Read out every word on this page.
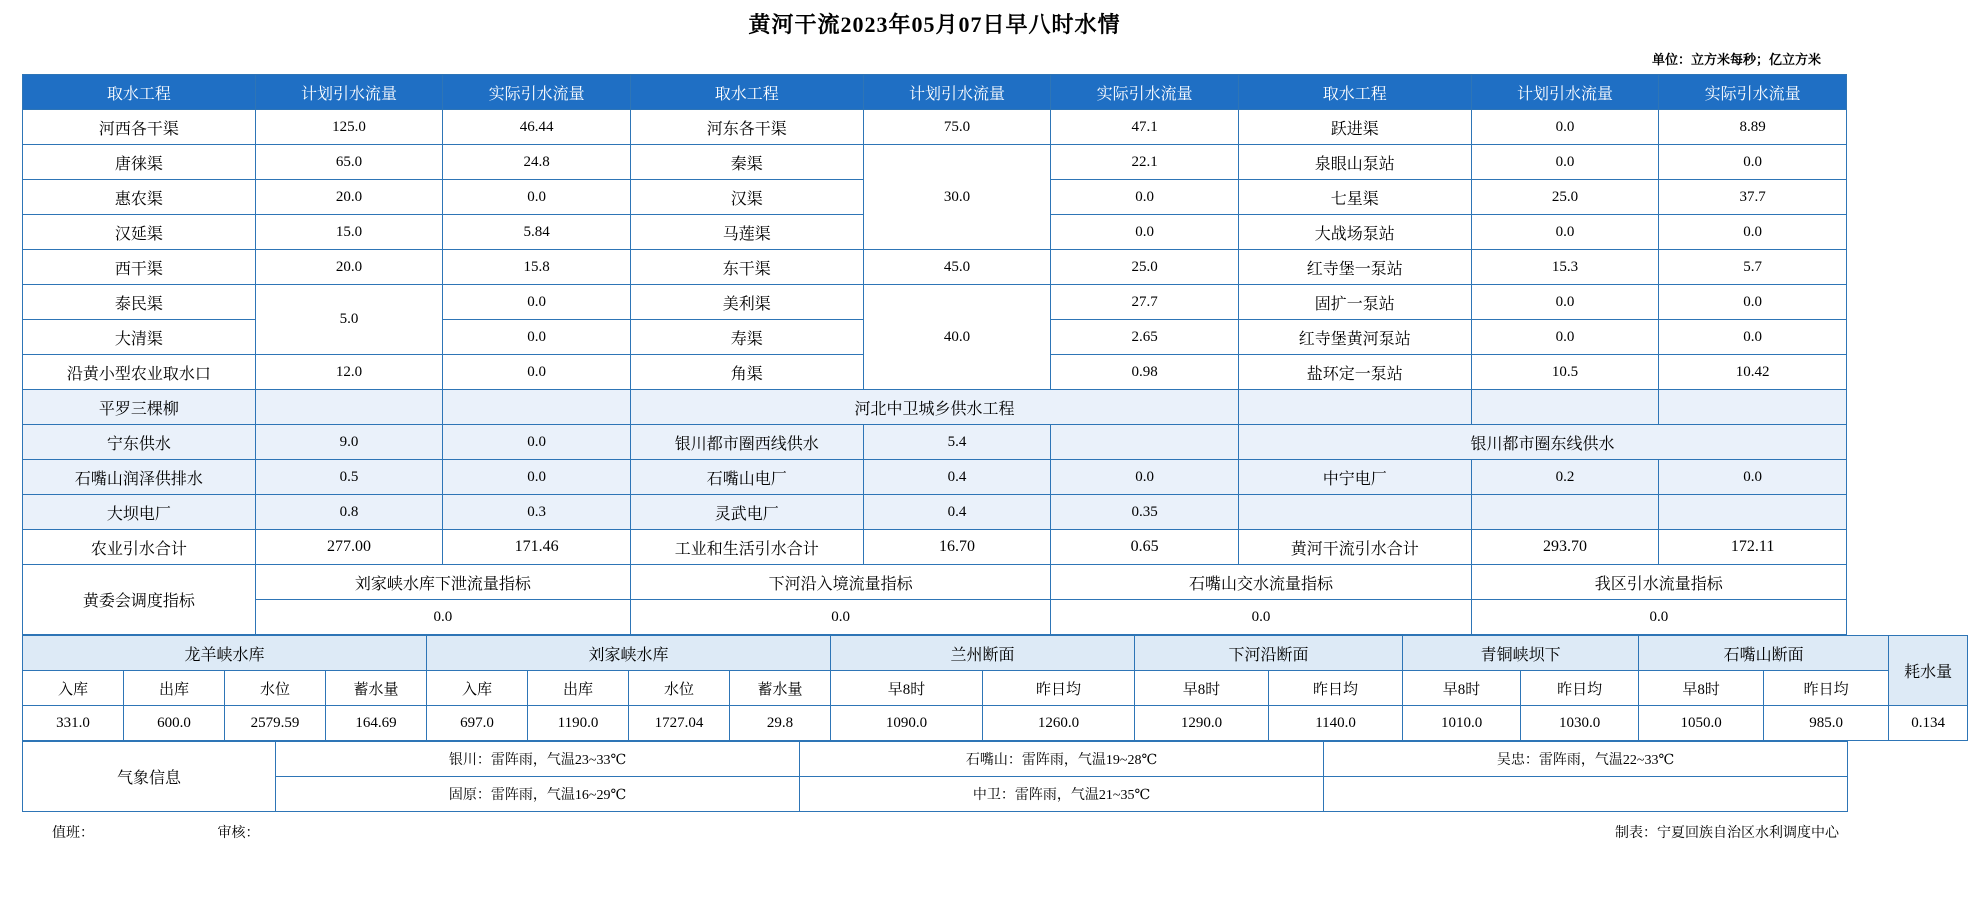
黄河干流2023年05月07日早八时水情
单位：立方米每秒；亿立方米
取水工程	计划引水流量	实际引水流量	取水工程	计划引水流量	实际引水流量	取水工程	计划引水流量	实际引水流量
河西各干渠	125.0	46.44	河东各干渠	75.0	47.1	跃进渠	0.0	8.89
唐徕渠	65.0	24.8	秦渠	30.0	22.1	泉眼山泵站	0.0	0.0
惠农渠	20.0	0.0	汉渠		0.0	七星渠	25.0	37.7
汉延渠	15.0	5.84	马莲渠		0.0	大战场泵站	0.0	0.0
西干渠	20.0	15.8	东干渠	45.0	25.0	红寺堡一泵站	15.3	5.7
泰民渠	5.0	0.0	美利渠	40.0	27.7	固扩一泵站	0.0	0.0
大清渠		0.0	寿渠		2.65	红寺堡黄河泵站	0.0	0.0
沿黄小型农业取水口	12.0	0.0	角渠		0.98	盐环定一泵站	10.5	10.42
平罗三棵柳			河北中卫城乡供水工程					
宁东供水	9.0	0.0	银川都市圈西线供水	5.4		银川都市圈东线供水		
石嘴山润泽供排水	0.5	0.0	石嘴山电厂	0.4	0.0	中宁电厂	0.2	0.0
大坝电厂	0.8	0.3	灵武电厂	0.4	0.35			
农业引水合计	277.00	171.46	工业和生活引水合计	16.70	0.65	黄河干流引水合计	293.70	172.11
黄委会调度指标	刘家峡水库下泄流量指标		下河沿入境流量指标		石嘴山交水流量指标		我区引水流量指标	
	0.0		0.0		0.0		0.0	
龙羊峡水库				刘家峡水库				兰州断面		下河沿断面		青铜峡坝下		石嘴山断面		耗水量
入库	出库	水位	蓄水量	入库	出库	水位	蓄水量	早8时	昨日均	早8时	昨日均	早8时	昨日均	早8时	昨日均	
331.0	600.0	2579.59	164.69	697.0	1190.0	1727.04	29.8	1090.0	1260.0	1290.0	1140.0	1010.0	1030.0	1050.0	985.0	0.134
气象信息	银川：雷阵雨，气温23~33℃	石嘴山：雷阵雨，气温19~28℃	吴忠：雷阵雨，气温22~33℃
	固原：雷阵雨，气温16~29℃	中卫：雷阵雨，气温21~35℃	
值班：	审核：	制表：宁夏回族自治区水利调度中心
